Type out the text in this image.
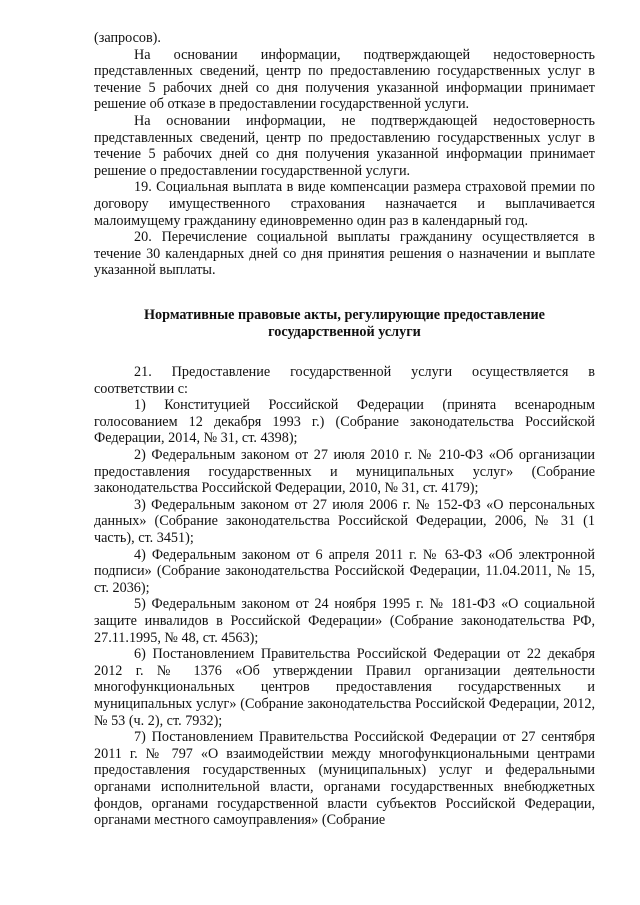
(запросов).

На основании информации, подтверждающей недостоверность представленных сведений, центр по предоставлению государственных услуг в течение 5 рабочих дней со дня получения указанной информации принимает решение об отказе в предоставлении государственной услуги.

На основании информации, не подтверждающей недостоверность представленных сведений, центр по предоставлению государственных услуг в течение 5 рабочих дней со дня получения указанной информации принимает решение о предоставлении государственной услуги.

19. Социальная выплата в виде компенсации размера страховой премии по договору имущественного страхования назначается и выплачивается малоимущему гражданину единовременно один раз в календарный год.

20. Перечисление социальной выплаты гражданину осуществляется в течение 30 календарных дней со дня принятия решения о назначении и выплате указанной выплаты.

Нормативные правовые акты, регулирующие предоставление государственной услуги

21. Предоставление государственной услуги осуществляется в соответствии с:

1) Конституцией Российской Федерации (принята всенародным голосованием 12 декабря 1993 г.) (Собрание законодательства Российской Федерации, 2014, № 31, ст. 4398);

2) Федеральным законом от 27 июля 2010 г. № 210-ФЗ «Об организации предоставления государственных и муниципальных услуг» (Собрание законодательства Российской Федерации, 2010, № 31, ст. 4179);

3) Федеральным законом от 27 июля 2006 г. № 152-ФЗ «О персональных данных» (Собрание законодательства Российской Федерации, 2006, № 31 (1 часть), ст. 3451);

4) Федеральным законом от 6 апреля 2011 г. № 63-ФЗ «Об электронной подписи» (Собрание законодательства Российской Федерации, 11.04.2011, № 15, ст. 2036);

5) Федеральным законом от 24 ноября 1995 г. № 181-ФЗ «О социальной защите инвалидов в Российской Федерации» (Собрание законодательства РФ, 27.11.1995, № 48, ст. 4563);

6) Постановлением Правительства Российской Федерации от 22 декабря 2012 г. № 1376 «Об утверждении Правил организации деятельности многофункциональных центров предоставления государственных и муниципальных услуг» (Собрание законодательства Российской Федерации, 2012, № 53 (ч. 2), ст. 7932);

7) Постановлением Правительства Российской Федерации от 27 сентября 2011 г. № 797 «О взаимодействии между многофункциональными центрами предоставления государственных (муниципальных) услуг и федеральными органами исполнительной власти, органами государственных внебюджетных фондов, органами государственной власти субъектов Российской Федерации, органами местного самоуправления» (Собрание
